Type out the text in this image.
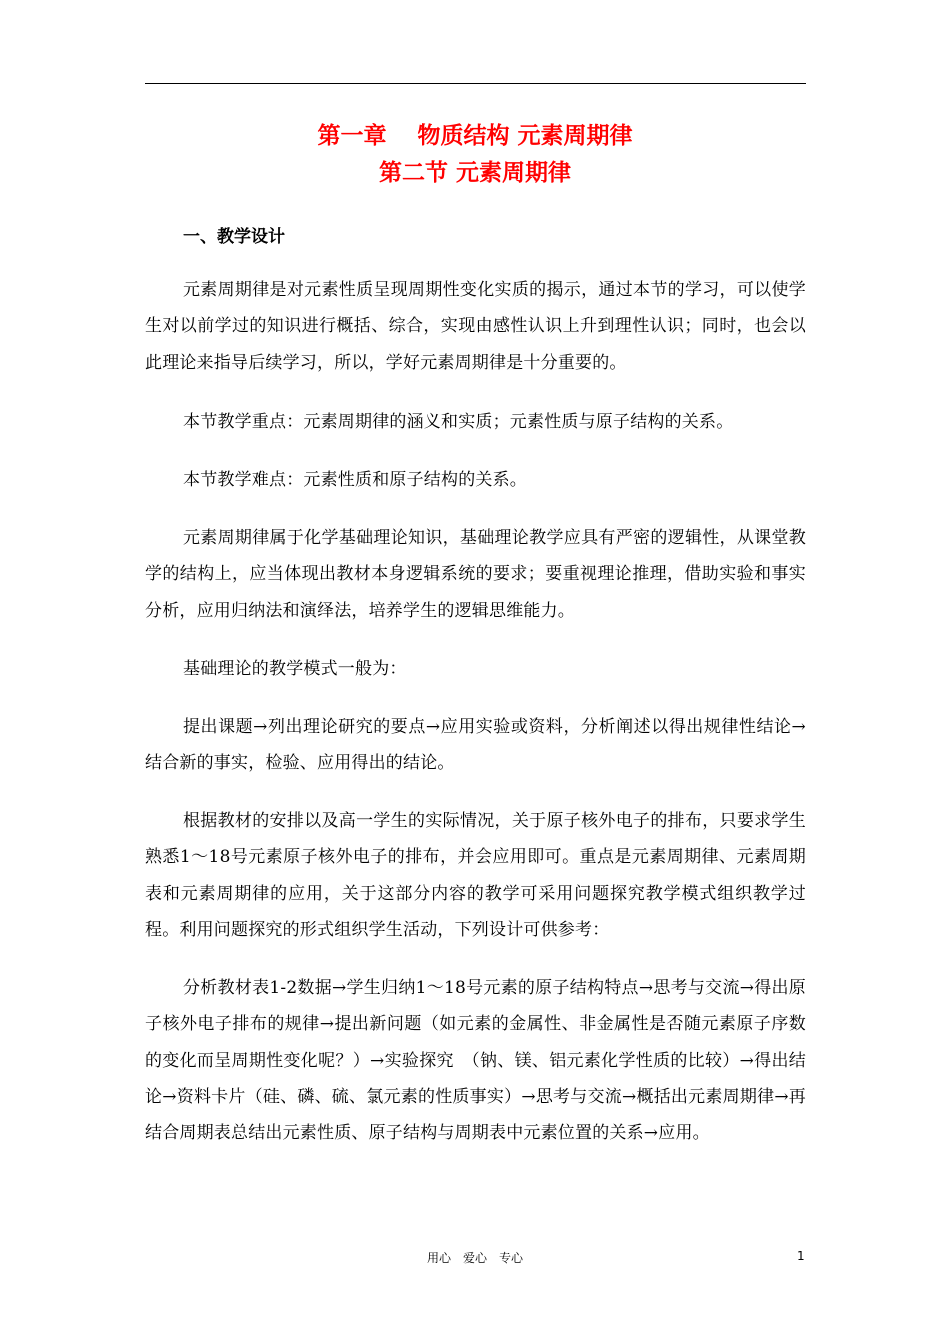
第一章　 物质结构 元素周期律
第二节 元素周期律
一、教学设计
元素周期律是对元素性质呈现周期性变化实质的揭示，通过本节的学习，可以使学生对以前学过的知识进行概括、综合，实现由感性认识上升到理性认识；同时，也会以此理论来指导后续学习，所以，学好元素周期律是十分重要的。
本节教学重点：元素周期律的涵义和实质；元素性质与原子结构的关系。
本节教学难点：元素性质和原子结构的关系。
元素周期律属于化学基础理论知识，基础理论教学应具有严密的逻辑性，从课堂教学的结构上，应当体现出教材本身逻辑系统的要求；要重视理论推理，借助实验和事实分析，应用归纳法和演绎法，培养学生的逻辑思维能力。
基础理论的教学模式一般为：
提出课题→列出理论研究的要点→应用实验或资料，分析阐述以得出规律性结论→结合新的事实，检验、应用得出的结论。
根据教材的安排以及高一学生的实际情况，关于原子核外电子的排布，只要求学生熟悉1～18号元素原子核外电子的排布，并会应用即可。重点是元素周期律、元素周期表和元素周期律的应用，关于这部分内容的教学可采用问题探究教学模式组织教学过程。利用问题探究的形式组织学生活动，下列设计可供参考：
分析教材表1-2数据→学生归纳1～18号元素的原子结构特点→思考与交流→得出原子核外电子排布的规律→提出新问题（如元素的金属性、非金属性是否随元素原子序数的变化而呈周期性变化呢？）→实验探究　（钠、镁、铝元素化学性质的比较）→得出结论→资料卡片（硅、磷、硫、氯元素的性质事实）→思考与交流→概括出元素周期律→再结合周期表总结出元素性质、原子结构与周期表中元素位置的关系→应用。
用心　爱心　专心	1
